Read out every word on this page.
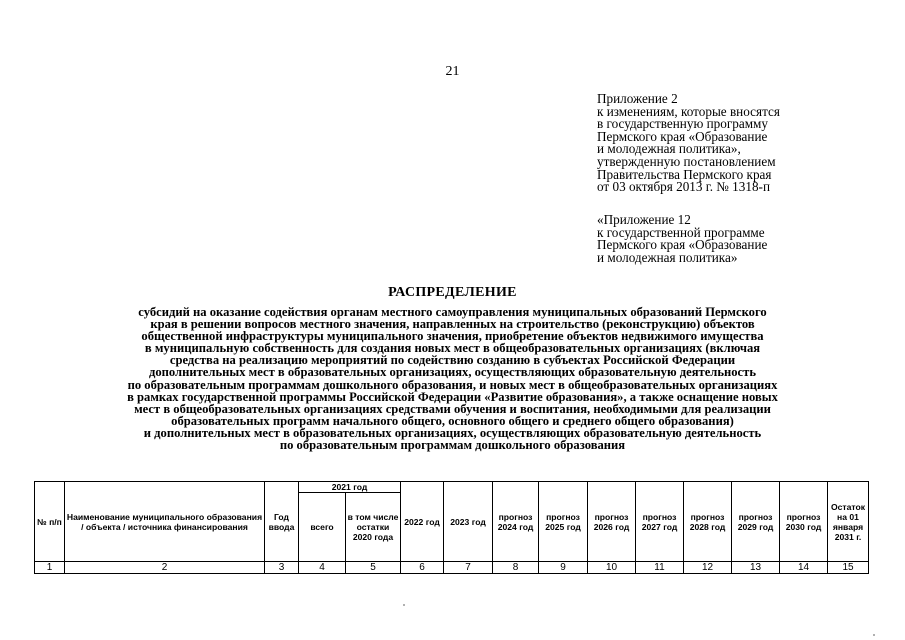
21
Приложение 2
к изменениям, которые вносятся
в государственную программу
Пермского края «Образование
и молодежная политика»,
утвержденную постановлением
Правительства Пермского края
от 03 октября 2013 г. № 1318-п
«Приложение 12
к государственной программе
Пермского края «Образование
и молодежная политика»
РАСПРЕДЕЛЕНИЕ
субсидий на оказание содействия органам местного самоуправления муниципальных образований Пермского
края в решении вопросов местного значения, направленных на строительство (реконструкцию) объектов
общественной инфраструктуры муниципального значения, приобретение объектов недвижимого имущества
в муниципальную собственность для создания новых мест в общеобразовательных организациях (включая
средства на реализацию мероприятий по содействию созданию в субъектах Российской Федерации
дополнительных мест в образовательных организациях, осуществляющих образовательную деятельность
по образовательным программам дошкольного образования, и новых мест в общеобразовательных организациях
в рамках государственной программы Российской Федерации «Развитие образования», а также оснащение новых
мест в общеобразовательных организациях средствами обучения и воспитания, необходимыми для реализации
образовательных программ начального общего, основного общего и среднего общего образования)
и дополнительных мест в образовательных организациях, осуществляющих образовательную деятельность
по образовательным программам дошкольного образования
№ п/п	Наименование муниципального образования / объекта / источника финансирования	Год ввода	2021 год		2022 год	2023 год	прогноз 2024 год	прогноз 2025 год	прогноз 2026 год	прогноз 2027 год	прогноз 2028 год	прогноз 2029 год	прогноз 2030 год	Остаток на 01 января 2031 г.
			всего	в том числе остатки 2020 года										
1	2	3	4	5	6	7	8	9	10	11	12	13	14	15
